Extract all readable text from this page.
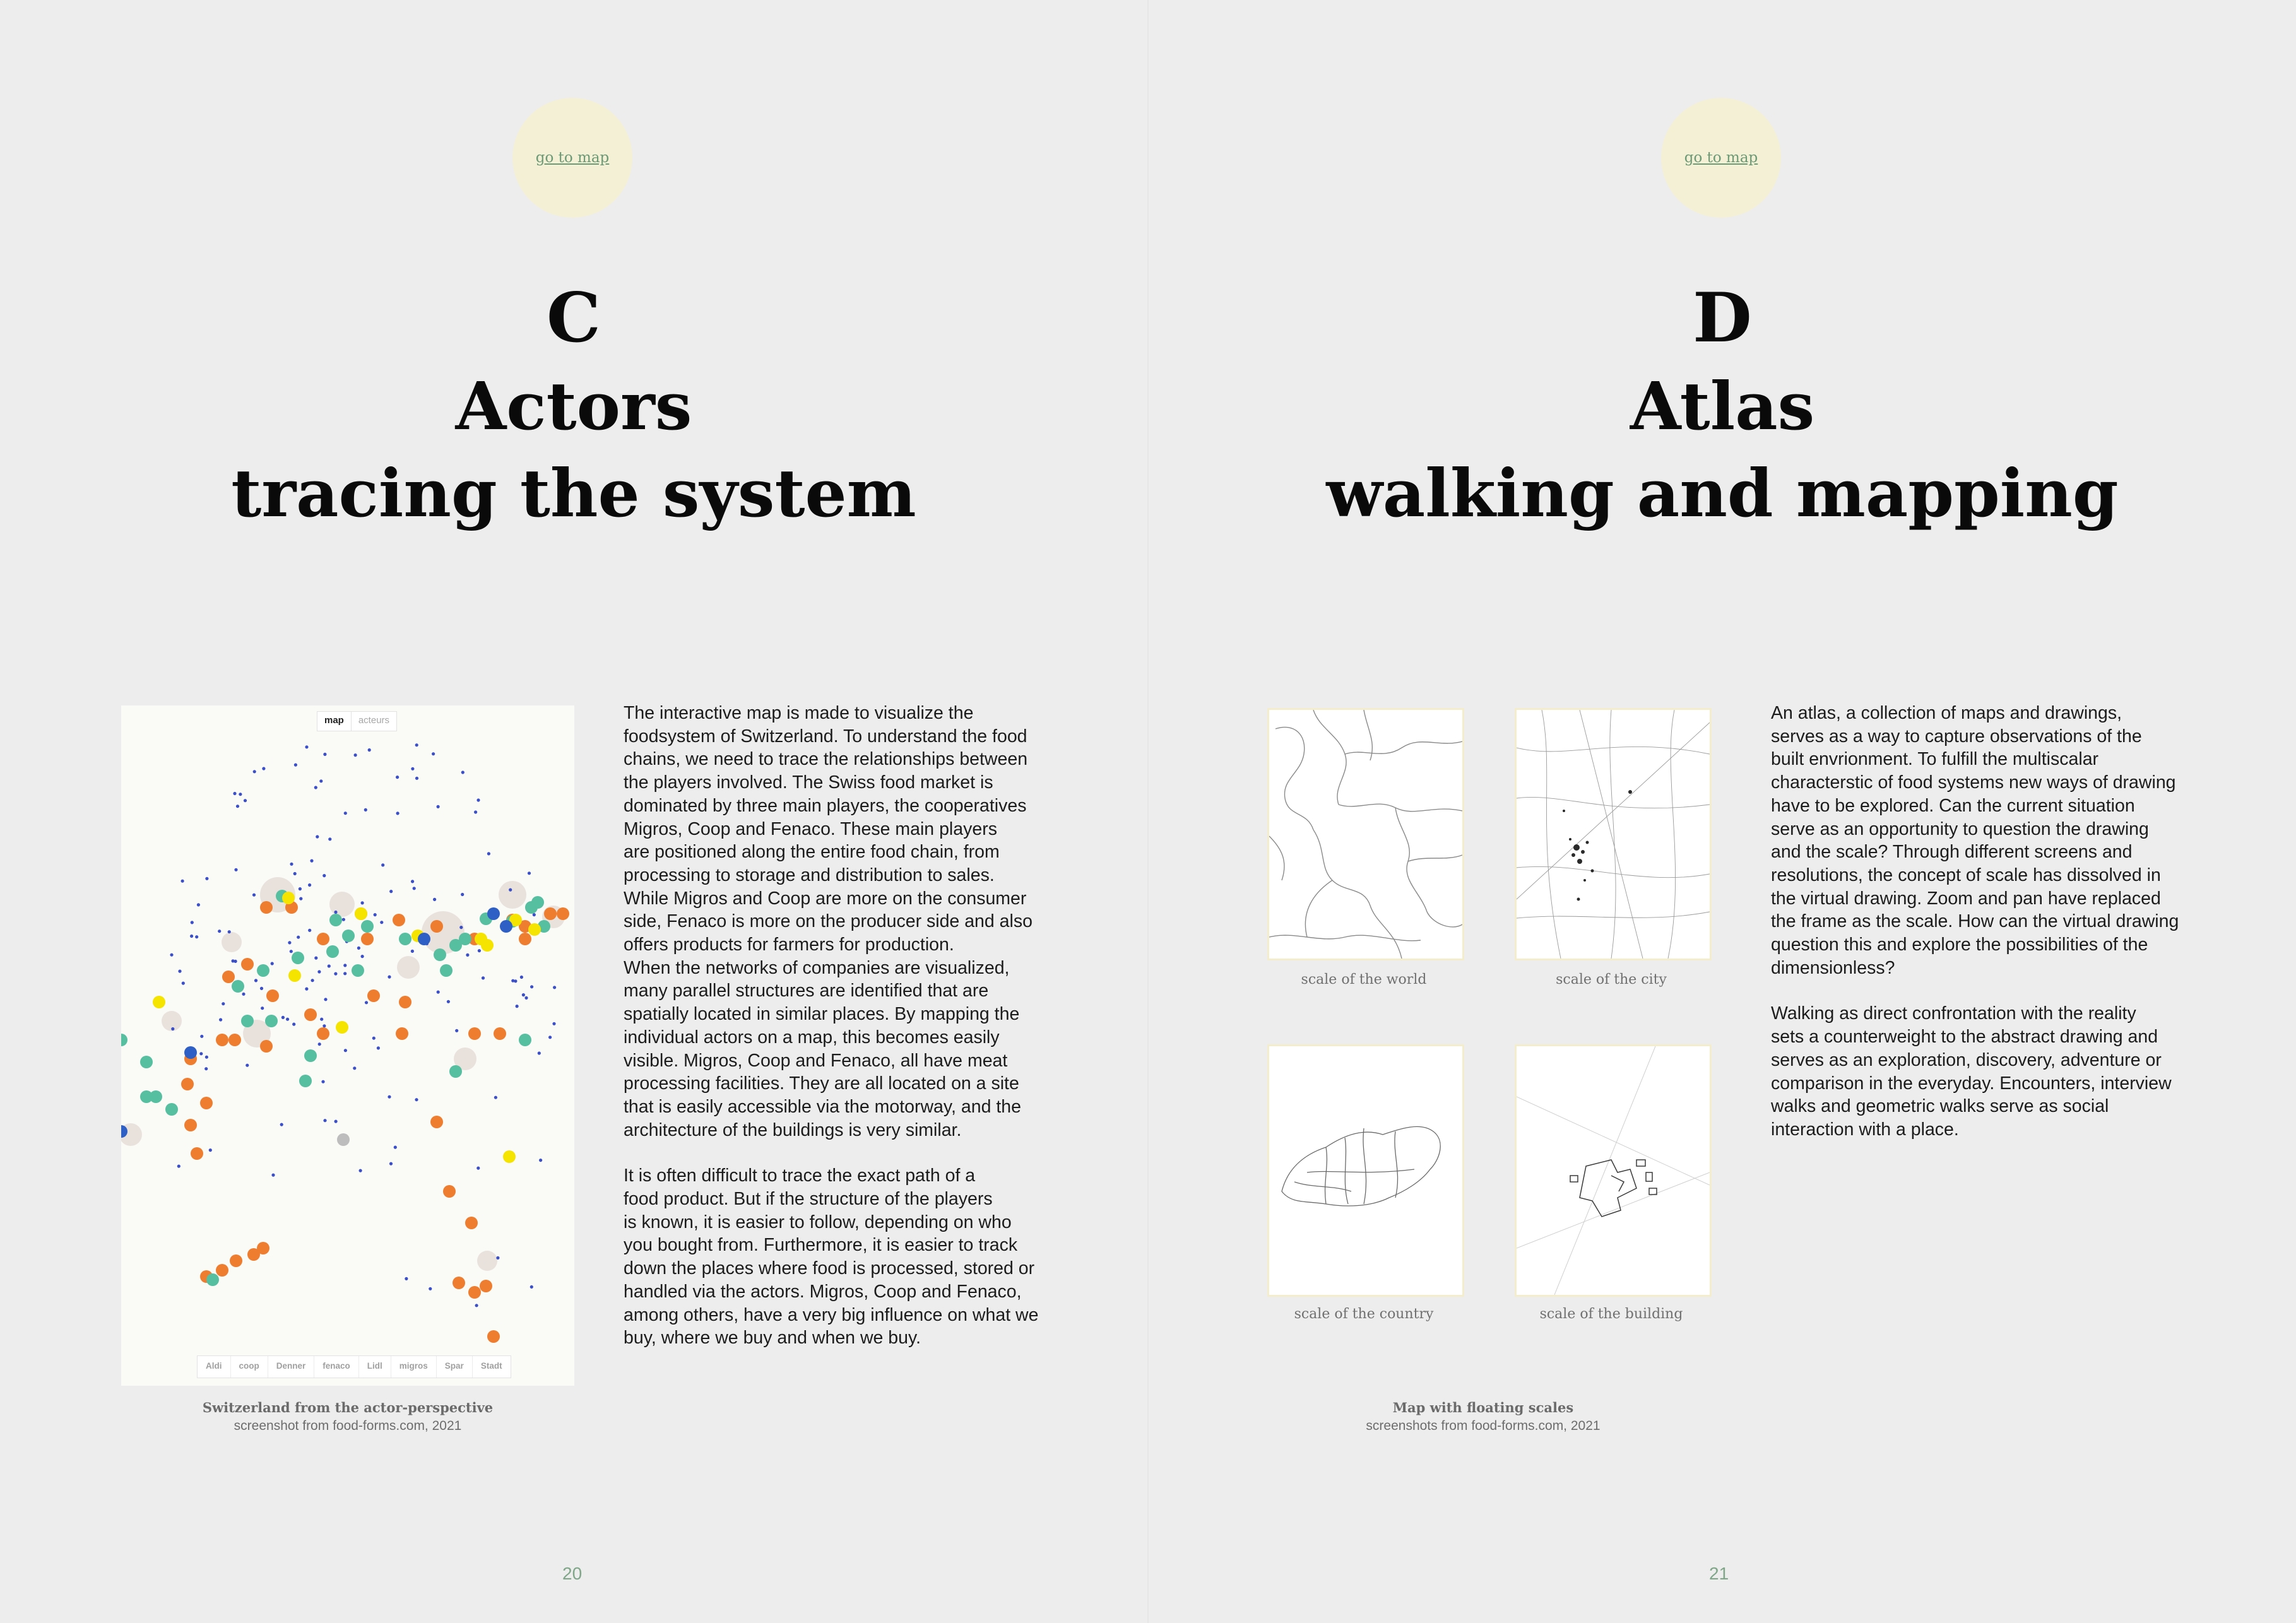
go to map
C
Actors
tracing the system
map	acteurs
Aldi	coop	Denner	fenaco	Lidl	migros	Spar	Stadt
Switzerland from the actor-perspective
screenshot from food-forms.com, 2021

The interactive map is made to visualize the
foodsystem of Switzerland. To understand the food
chains, we need to trace the relationships between
the players involved. The Swiss food market is
dominated by three main players, the cooperatives
Migros, Coop and Fenaco. These main players
are positioned along the entire food chain, from
processing to storage and distribution to sales.
While Migros and Coop are more on the consumer
side, Fenaco is more on the producer side and also
offers products for farmers for production.
When the networks of companies are visualized,
many parallel structures are identified that are
spatially located in similar places. By mapping the
individual actors on a map, this becomes easily
visible. Migros, Coop and Fenaco, all have meat
processing facilities. They are all located on a site
that is easily accessible via the motorway, and the
architecture of the buildings is very similar.

It is often difficult to trace the exact path of a
food product. But if the structure of the players
is known, it is easier to follow, depending on who
you bought from. Furthermore, it is easier to track
down the places where food is processed, stored or
handled via the actors. Migros, Coop and Fenaco,
among others, have a very big influence on what we
buy, where we buy and when we buy.

20
go to map
D
Atlas
walking and mapping
scale of the world	scale of the city
scale of the country	scale of the building
Map with floating scales
screenshots from food-forms.com, 2021

An atlas, a collection of maps and drawings,
serves as a way to capture observations of the
built envrionment. To fulfill the multiscalar
characterstic of food systems new ways of drawing
have to be explored. Can the current situation
serve as an opportunity to question the drawing
and the scale? Through different screens and
resolutions, the concept of scale has dissolved in
the virtual drawing. Zoom and pan have replaced
the frame as the scale. How can the virtual drawing
question this and explore the possibilities of the
dimensionless?

Walking as direct confrontation with the reality
sets a counterweight to the abstract drawing and
serves as an exploration, discovery, adventure or
comparison in the everyday. Encounters, interview
walks and geometric walks serve as social
interaction with a place.

21
